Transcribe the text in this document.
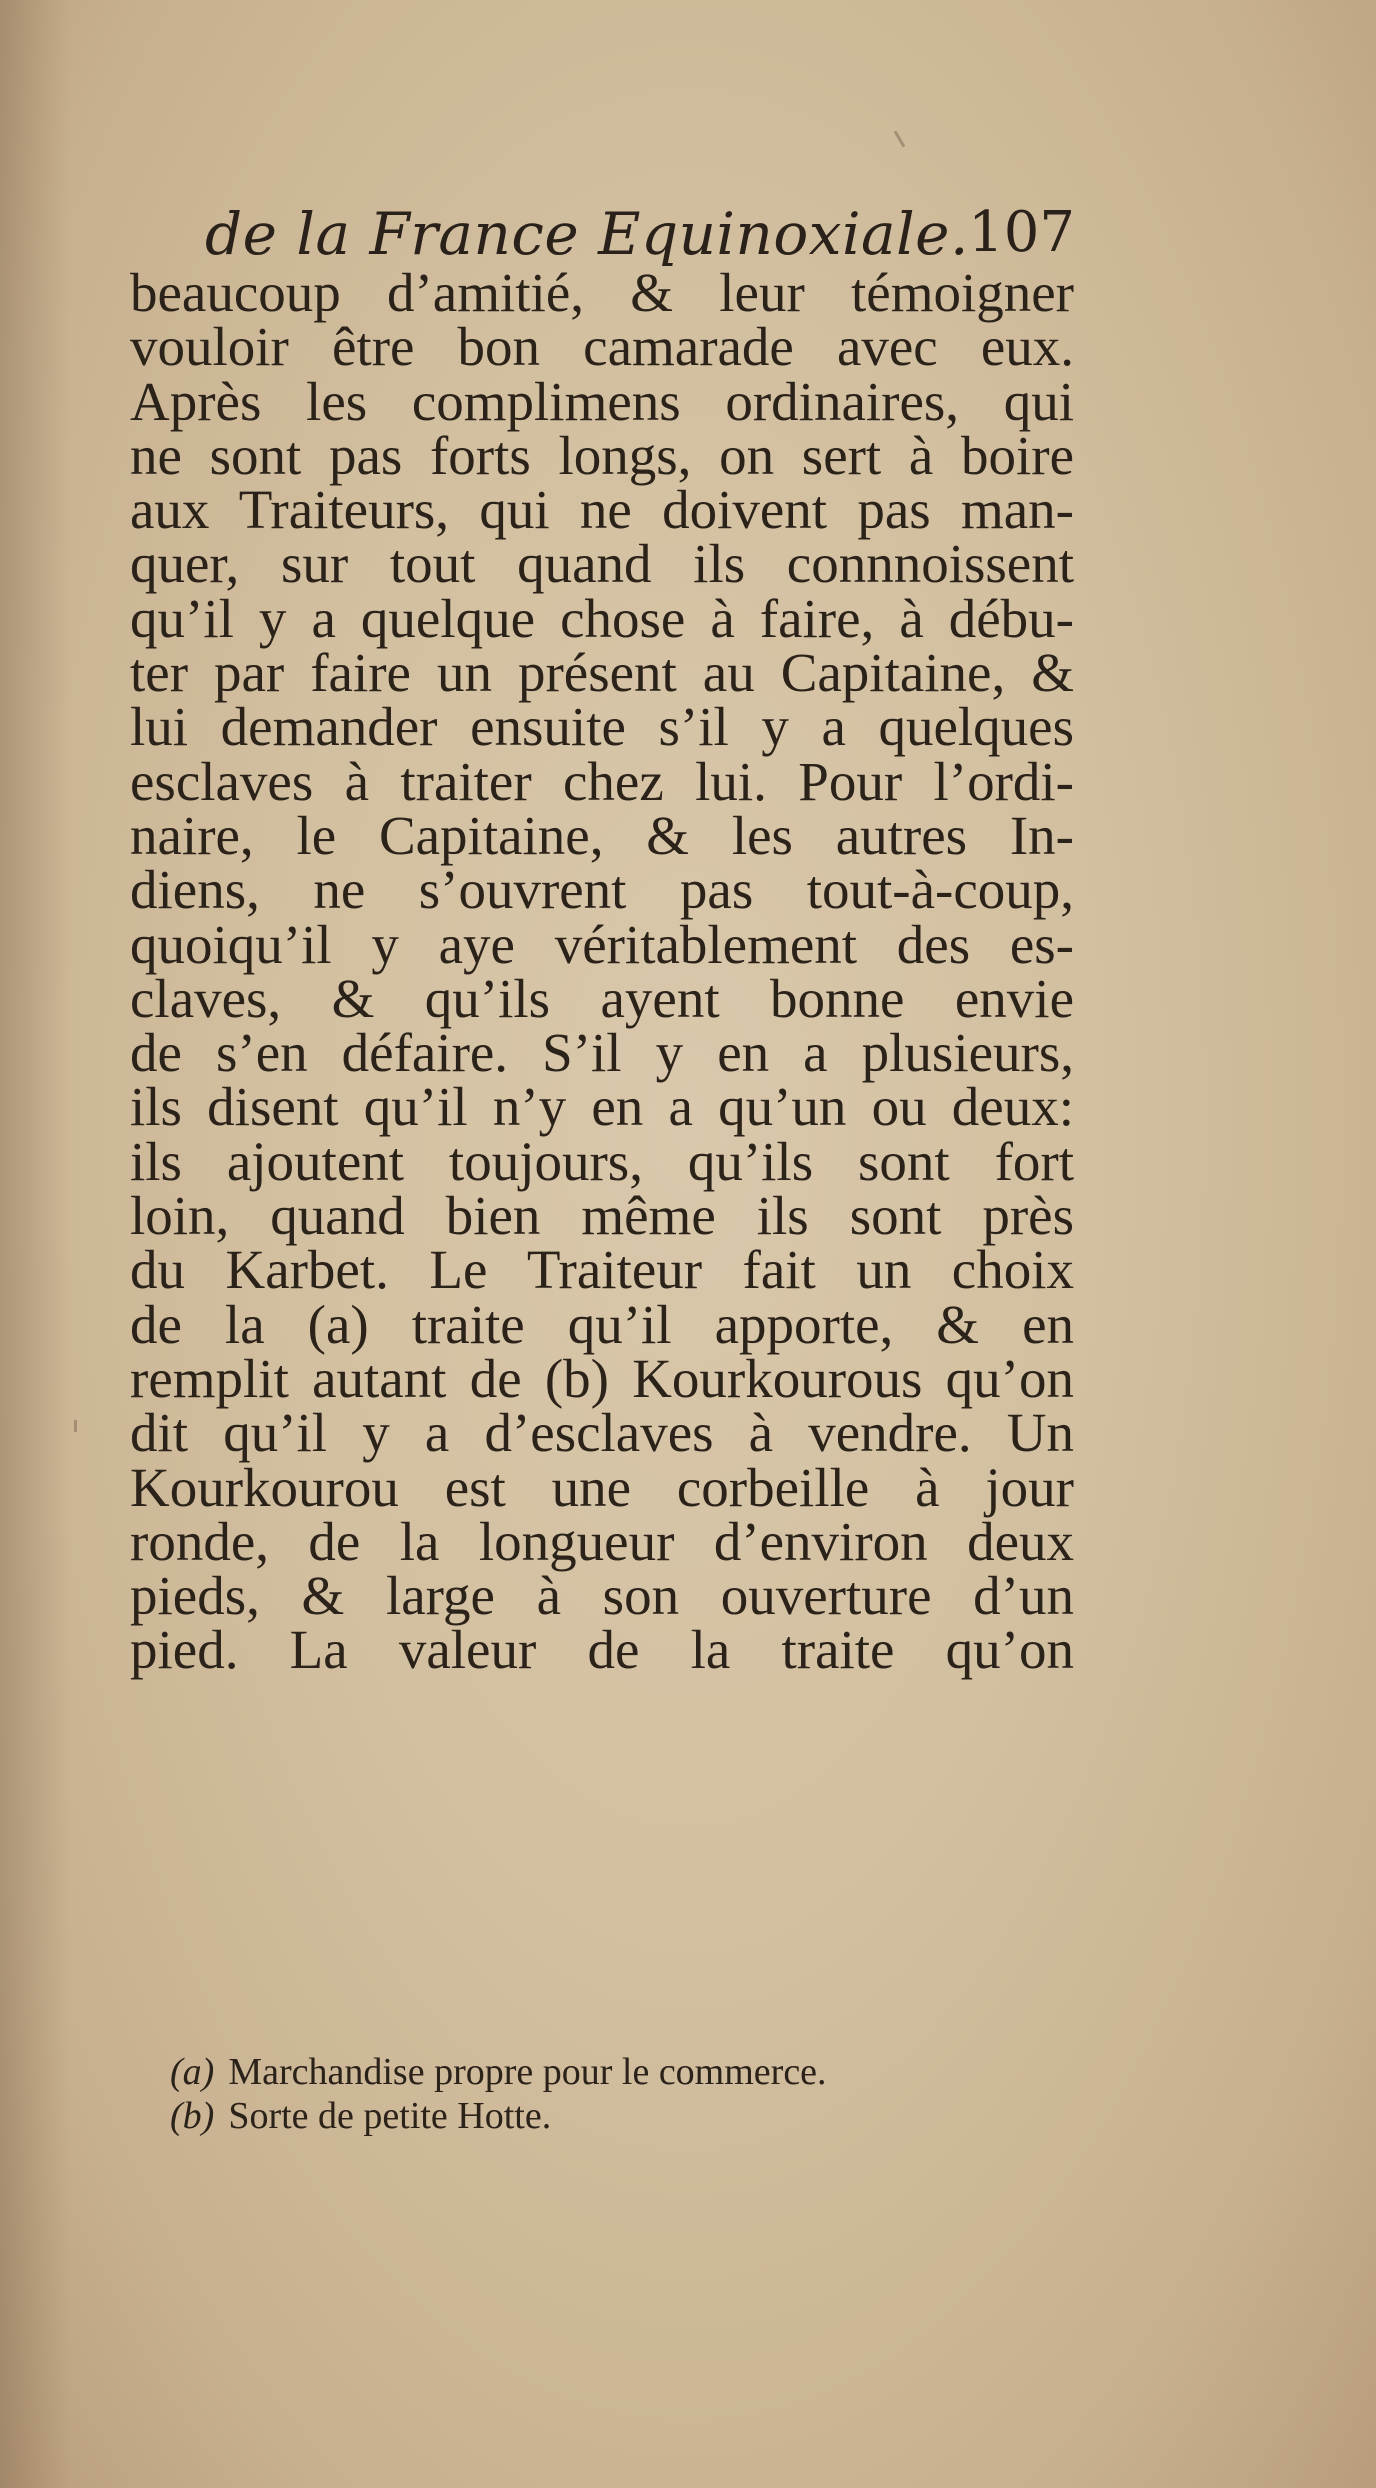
de la France Equinoxiale. 107
beaucoup d’amitié, & leur témoigner
vouloir être bon camarade avec eux.
Après les complimens ordinaires, qui
ne sont pas forts longs, on sert à boire
aux Traiteurs, qui ne doivent pas man-
quer, sur tout quand ils connnoissent
qu’il y a quelque chose à faire, à débu-
ter par faire un présent au Capitaine, &
lui demander ensuite s’il y a quelques
esclaves à traiter chez lui. Pour l’ordi-
naire, le Capitaine, & les autres In-
diens, ne s’ouvrent pas tout-à-coup,
quoiqu’il y aye véritablement des es-
claves, & qu’ils ayent bonne envie
de s’en défaire. S’il y en a plusieurs,
ils disent qu’il n’y en a qu’un ou deux:
ils ajoutent toujours, qu’ils sont fort
loin, quand bien même ils sont près
du Karbet. Le Traiteur fait un choix
de la (a) traite qu’il apporte, & en
remplit autant de (b) Kourkourous qu’on
dit qu’il y a d’esclaves à vendre. Un
Kourkourou est une corbeille à jour
ronde, de la longueur d’environ deux
pieds, & large à son ouverture d’un
pied. La valeur de la traite qu’on
(a) Marchandise propre pour le commerce.
(b) Sorte de petite Hotte.
